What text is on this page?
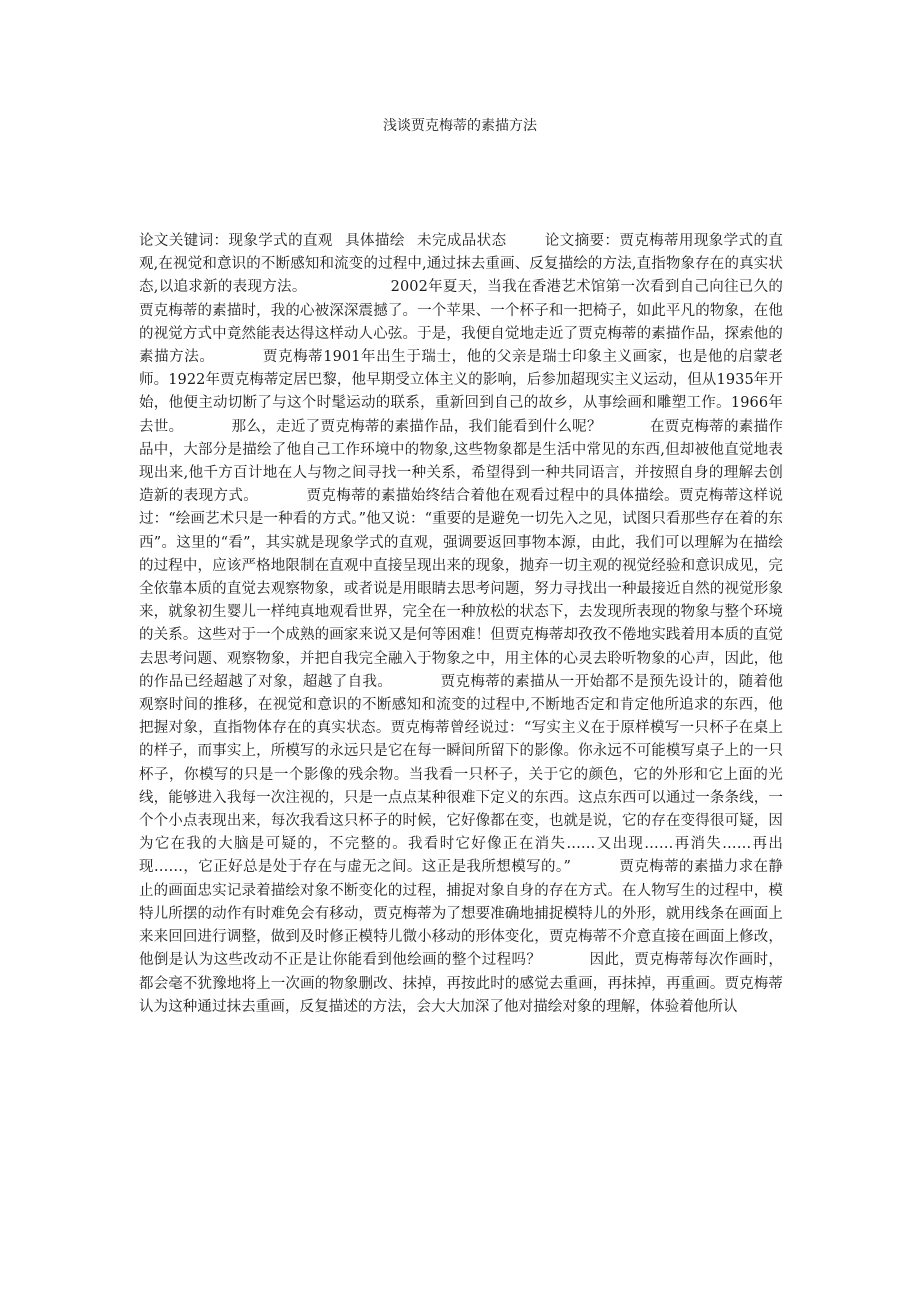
浅谈贾克梅蒂的素描方法

论文关键词：现象学式的直观 具体描绘 未完成品状态	论文摘要：贾克梅蒂用现象学式的直观,在视觉和意识的不断感知和流变的过程中,通过抹去重画、反复描绘的方法,直指物象存在的真实状态,以追求新的表现方法。	2002年夏天，当我在香港艺术馆第一次看到自己向往已久的贾克梅蒂的素描时，我的心被深深震撼了。一个苹果、一个杯子和一把椅子，如此平凡的物象，在他的视觉方式中竟然能表达得这样动人心弦。于是，我便自觉地走近了贾克梅蒂的素描作品，探索他的素描方法。	贾克梅蒂1901年出生于瑞士，他的父亲是瑞士印象主义画家，也是他的启蒙老师。1922年贾克梅蒂定居巴黎，他早期受立体主义的影响，后参加超现实主义运动，但从1935年开始，他便主动切断了与这个时髦运动的联系，重新回到自己的故乡，从事绘画和雕塑工作。1966年去世。	那么，走近了贾克梅蒂的素描作品，我们能看到什么呢？	在贾克梅蒂的素描作品中，大部分是描绘了他自己工作环境中的物象,这些物象都是生活中常见的东西,但却被他直觉地表现出来,他千方百计地在人与物之间寻找一种关系，希望得到一种共同语言，并按照自身的理解去创造新的表现方式。	贾克梅蒂的素描始终结合着他在观看过程中的具体描绘。贾克梅蒂这样说过：“绘画艺术只是一种看的方式。”他又说：“重要的是避免一切先入之见，试图只看那些存在着的东西”。这里的“看”，其实就是现象学式的直观，强调要返回事物本源，由此，我们可以理解为在描绘的过程中，应该严格地限制在直观中直接呈现出来的现象，抛弃一切主观的视觉经验和意识成见，完全依靠本质的直觉去观察物象，或者说是用眼睛去思考问题，努力寻找出一种最接近自然的视觉形象来，就象初生婴儿一样纯真地观看世界，完全在一种放松的状态下，去发现所表现的物象与整个环境的关系。这些对于一个成熟的画家来说又是何等困难！但贾克梅蒂却孜孜不倦地实践着用本质的直觉去思考问题、观察物象，并把自我完全融入于物象之中，用主体的心灵去聆听物象的心声，因此，他的作品已经超越了对象，超越了自我。	贾克梅蒂的素描从一开始都不是预先设计的，随着他观察时间的推移，在视觉和意识的不断感知和流变的过程中,不断地否定和肯定他所追求的东西，他把握对象，直指物体存在的真实状态。贾克梅蒂曾经说过：“写实主义在于原样模写一只杯子在桌上的样子，而事实上，所模写的永远只是它在每一瞬间所留下的影像。你永远不可能模写桌子上的一只杯子，你模写的只是一个影像的残余物。当我看一只杯子，关于它的颜色，它的外形和它上面的光线，能够进入我每一次注视的，只是一点点某种很难下定义的东西。这点东西可以通过一条条线，一个个小点表现出来，每次我看这只杯子的时候，它好像都在变，也就是说，它的存在变得很可疑，因为它在我的大脑是可疑的，不完整的。我看时它好像正在消失……又出现……再消失……再出现……，它正好总是处于存在与虚无之间。这正是我所想模写的。”	贾克梅蒂的素描力求在静止的画面忠实记录着描绘对象不断变化的过程，捕捉对象自身的存在方式。在人物写生的过程中，模特儿所摆的动作有时难免会有移动，贾克梅蒂为了想要准确地捕捉模特儿的外形，就用线条在画面上来来回回进行调整，做到及时修正模特儿微小移动的形体变化，贾克梅蒂不介意直接在画面上修改，他倒是认为这些改动不正是让你能看到他绘画的整个过程吗？	因此，贾克梅蒂每次作画时，都会毫不犹豫地将上一次画的物象删改、抹掉，再按此时的感觉去重画，再抹掉，再重画。贾克梅蒂认为这种通过抹去重画，反复描述的方法，会大大加深了他对描绘对象的理解，体验着他所认
